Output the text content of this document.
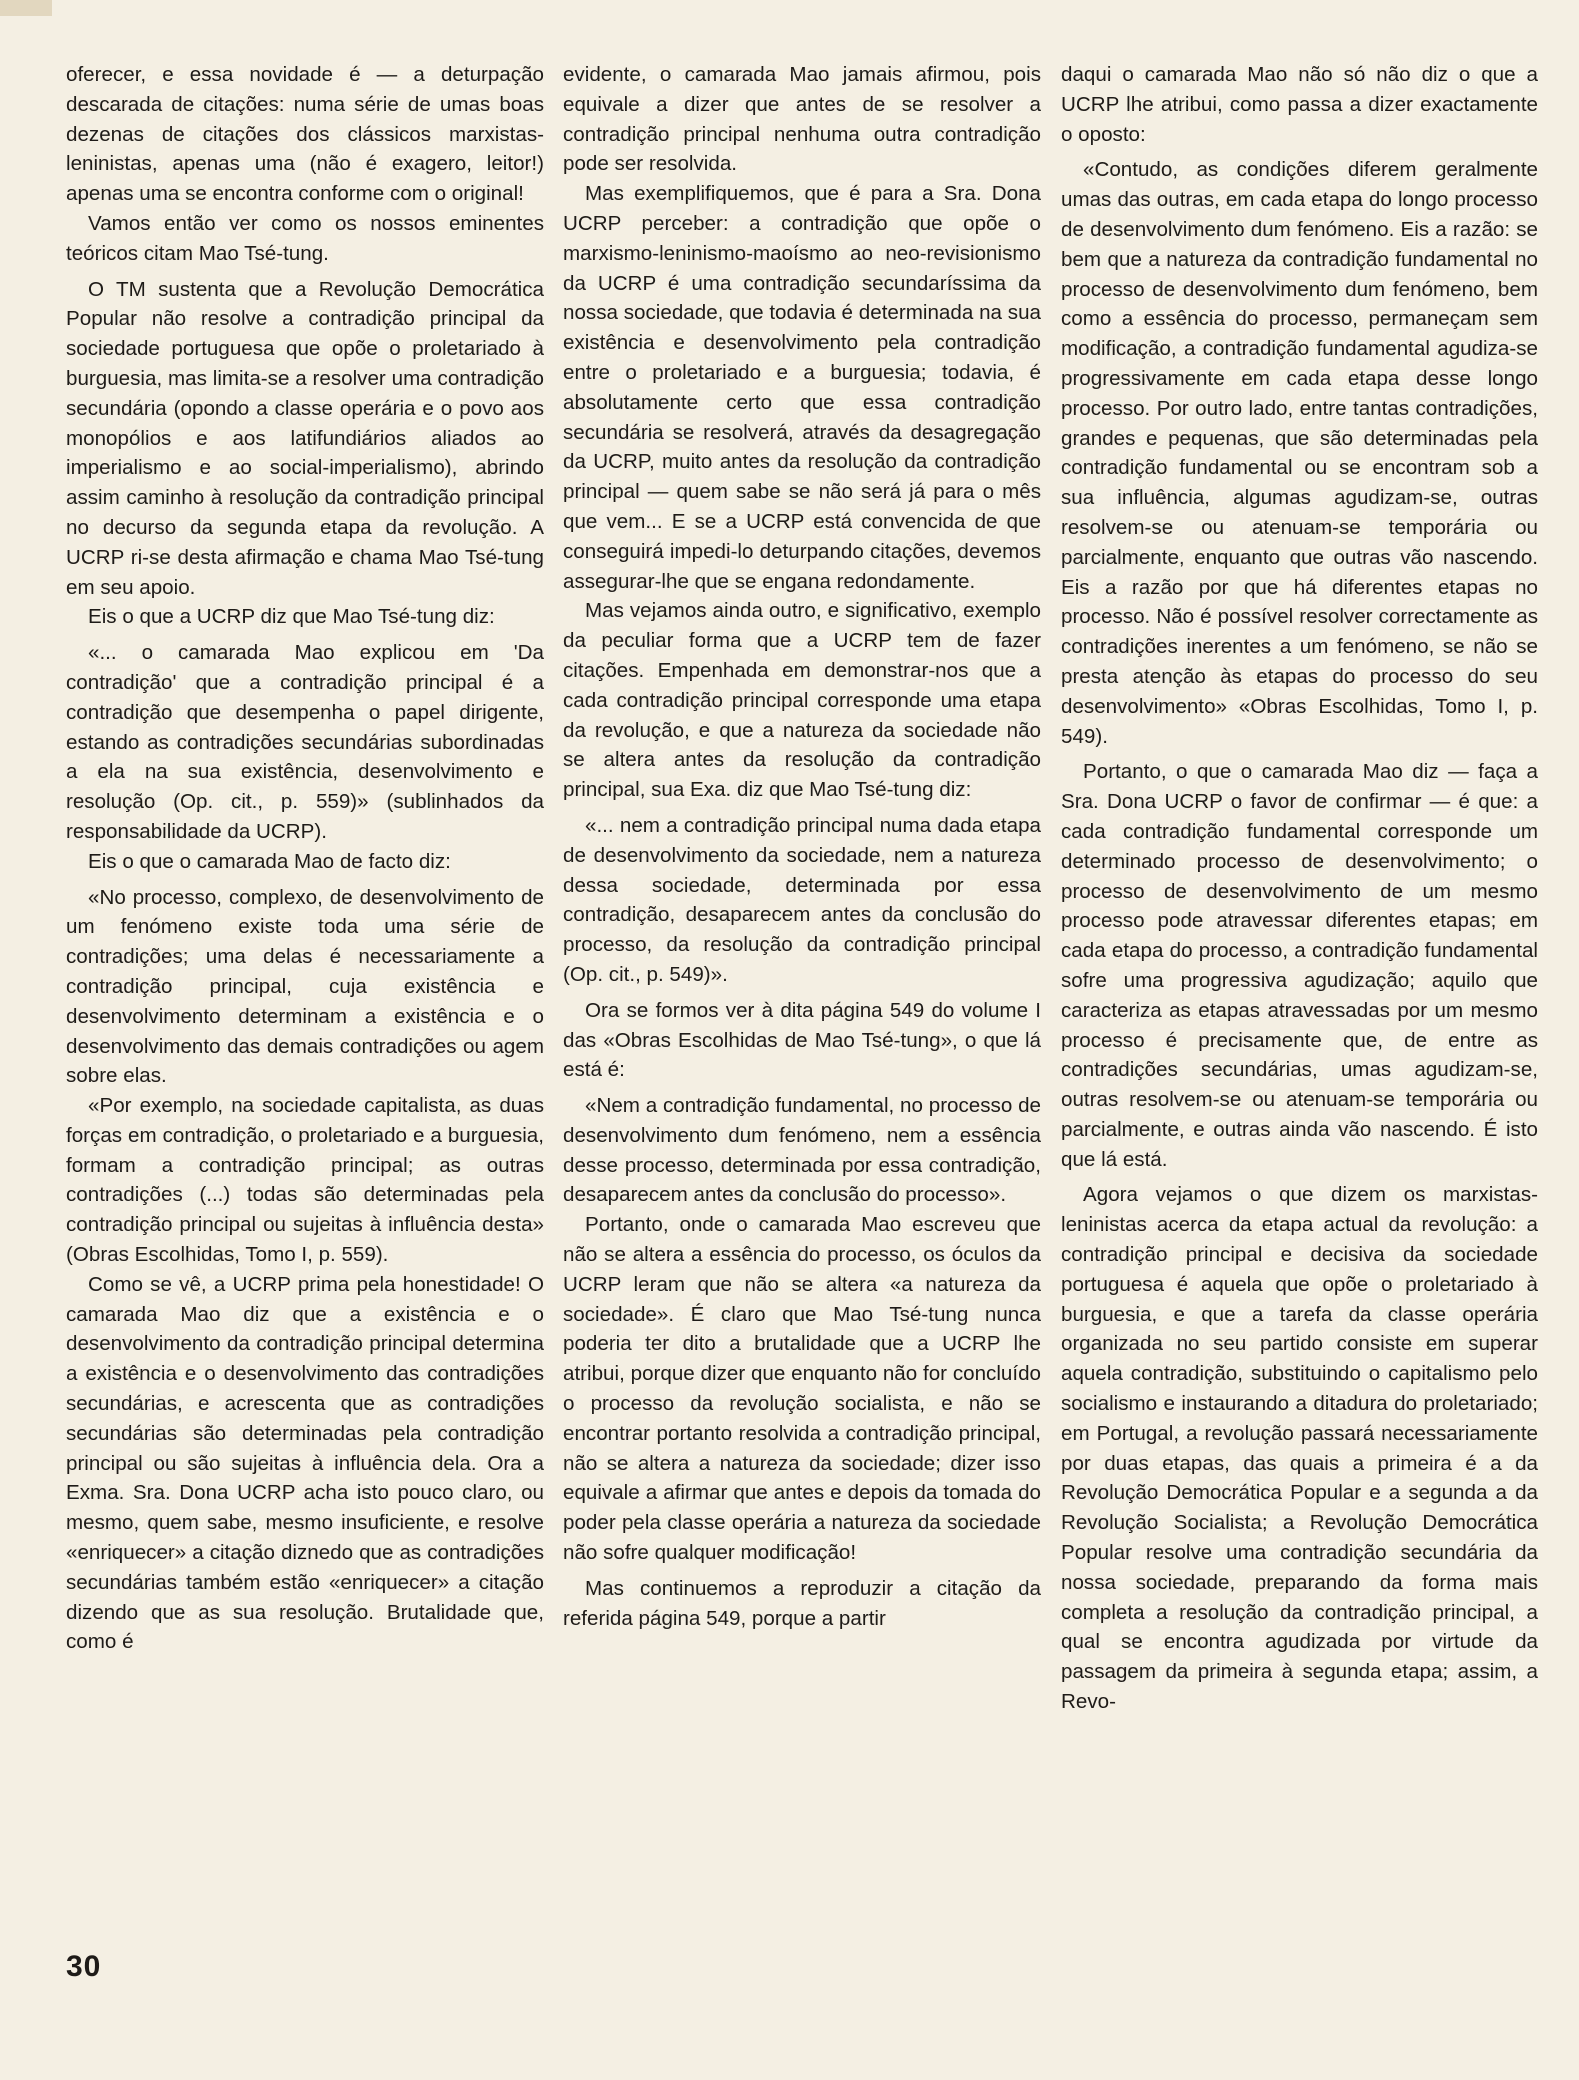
oferecer, e essa novidade é — a deturpação descarada de citações: numa série de umas boas dezenas de citações dos clássicos marxistas-leninistas, apenas uma (não é exagero, leitor!) apenas uma se encontra conforme com o original!

Vamos então ver como os nossos eminentes teóricos citam Mao Tsé-tung.

O TM sustenta que a Revolução Democrática Popular não resolve a contradição principal da sociedade portuguesa que opõe o proletariado à burguesia, mas limita-se a resolver uma contradição secundária (opondo a classe operária e o povo aos monopólios e aos latifundiários aliados ao imperialismo e ao social-imperialismo), abrindo assim caminho à resolução da contradição principal no decurso da segunda etapa da revolução. A UCRP ri-se desta afirmação e chama Mao Tsé-tung em seu apoio.

Eis o que a UCRP diz que Mao Tsé-tung diz:

«... o camarada Mao explicou em 'Da contradição' que a contradição principal é a contradição que desempenha o papel dirigente, estando as contradições secundárias subordinadas a ela na sua existência, desenvolvimento e resolução (Op. cit., p. 559)» (sublinhados da responsabilidade da UCRP).

Eis o que o camarada Mao de facto diz:

«No processo, complexo, de desenvolvimento de um fenómeno existe toda uma série de contradições; uma delas é necessariamente a contradição principal, cuja existência e desenvolvimento determinam a existência e o desenvolvimento das demais contradições ou agem sobre elas.

«Por exemplo, na sociedade capitalista, as duas forças em contradição, o proletariado e a burguesia, formam a contradição principal; as outras contradições (...) todas são determinadas pela contradição principal ou sujeitas à influência desta» (Obras Escolhidas, Tomo I, p. 559).

Como se vê, a UCRP prima pela honestidade! O camarada Mao diz que a existência e o desenvolvimento da contradição principal determina a existência e o desenvolvimento das contradições secundárias, e acrescenta que as contradições secundárias são determinadas pela contradição principal ou são sujeitas à influência dela. Ora a Exma. Sra. Dona UCRP acha isto pouco claro, ou mesmo, quem sabe, mesmo insuficiente, e resolve «enriquecer» a citação diznedo que as contradições secundárias também estão «enriquecer» a citação dizendo que as sua resolução. Brutalidade que, como é

evidente, o camarada Mao jamais afirmou, pois equivale a dizer que antes de se resolver a contradição principal nenhuma outra contradição pode ser resolvida.

Mas exemplifiquemos, que é para a Sra. Dona UCRP perceber: a contradição que opõe o marxismo-leninismo-maoísmo ao neo-revisionismo da UCRP é uma contradição secundaríssima da nossa sociedade, que todavia é determinada na sua existência e desenvolvimento pela contradição entre o proletariado e a burguesia; todavia, é absolutamente certo que essa contradição secundária se resolverá, através da desagregação da UCRP, muito antes da resolução da contradição principal — quem sabe se não será já para o mês que vem... E se a UCRP está convencida de que conseguirá impedi-lo deturpando citações, devemos assegurar-lhe que se engana redondamente.

Mas vejamos ainda outro, e significativo, exemplo da peculiar forma que a UCRP tem de fazer citações. Empenhada em demonstrar-nos que a cada contradição principal corresponde uma etapa da revolução, e que a natureza da sociedade não se altera antes da resolução da contradição principal, sua Exa. diz que Mao Tsé-tung diz:

«... nem a contradição principal numa dada etapa de desenvolvimento da sociedade, nem a natureza dessa sociedade, determinada por essa contradição, desaparecem antes da conclusão do processo, da resolução da contradição principal (Op. cit., p. 549)».

Ora se formos ver à dita página 549 do volume I das «Obras Escolhidas de Mao Tsé-tung», o que lá está é:

«Nem a contradição fundamental, no processo de desenvolvimento dum fenómeno, nem a essência desse processo, determinada por essa contradição, desaparecem antes da conclusão do processo».

Portanto, onde o camarada Mao escreveu que não se altera a essência do processo, os óculos da UCRP leram que não se altera «a natureza da sociedade». É claro que Mao Tsé-tung nunca poderia ter dito a brutalidade que a UCRP lhe atribui, porque dizer que enquanto não for concluído o processo da revolução socialista, e não se encontrar portanto resolvida a contradição principal, não se altera a natureza da sociedade; dizer isso equivale a afirmar que antes e depois da tomada do poder pela classe operária a natureza da sociedade não sofre qualquer modificação!

Mas continuemos a reproduzir a citação da referida página 549, porque a partir

daqui o camarada Mao não só não diz o que a UCRP lhe atribui, como passa a dizer exactamente o oposto:

«Contudo, as condições diferem geralmente umas das outras, em cada etapa do longo processo de desenvolvimento dum fenómeno. Eis a razão: se bem que a natureza da contradição fundamental no processo de desenvolvimento dum fenómeno, bem como a essência do processo, permaneçam sem modificação, a contradição fundamental agudiza-se progressivamente em cada etapa desse longo processo. Por outro lado, entre tantas contradições, grandes e pequenas, que são determinadas pela contradição fundamental ou se encontram sob a sua influência, algumas agudizam-se, outras resolvem-se ou atenuam-se temporária ou parcialmente, enquanto que outras vão nascendo. Eis a razão por que há diferentes etapas no processo. Não é possível resolver correctamente as contradições inerentes a um fenómeno, se não se presta atenção às etapas do processo do seu desenvolvimento» «Obras Escolhidas, Tomo I, p. 549).

Portanto, o que o camarada Mao diz — faça a Sra. Dona UCRP o favor de confirmar — é que: a cada contradição fundamental corresponde um determinado processo de desenvolvimento; o processo de desenvolvimento de um mesmo processo pode atravessar diferentes etapas; em cada etapa do processo, a contradição fundamental sofre uma progressiva agudização; aquilo que caracteriza as etapas atravessadas por um mesmo processo é precisamente que, de entre as contradições secundárias, umas agudizam-se, outras resolvem-se ou atenuam-se temporária ou parcialmente, e outras ainda vão nascendo. É isto que lá está.

Agora vejamos o que dizem os marxistas-leninistas acerca da etapa actual da revolução: a contradição principal e decisiva da sociedade portuguesa é aquela que opõe o proletariado à burguesia, e que a tarefa da classe operária organizada no seu partido consiste em superar aquela contradição, substituindo o capitalismo pelo socialismo e instaurando a ditadura do proletariado; em Portugal, a revolução passará necessariamente por duas etapas, das quais a primeira é a da Revolução Democrática Popular e a segunda a da Revolução Socialista; a Revolução Democrática Popular resolve uma contradição secundária da nossa sociedade, preparando da forma mais completa a resolução da contradição principal, a qual se encontra agudizada por virtude da passagem da primeira à segunda etapa; assim, a Revo-

30
